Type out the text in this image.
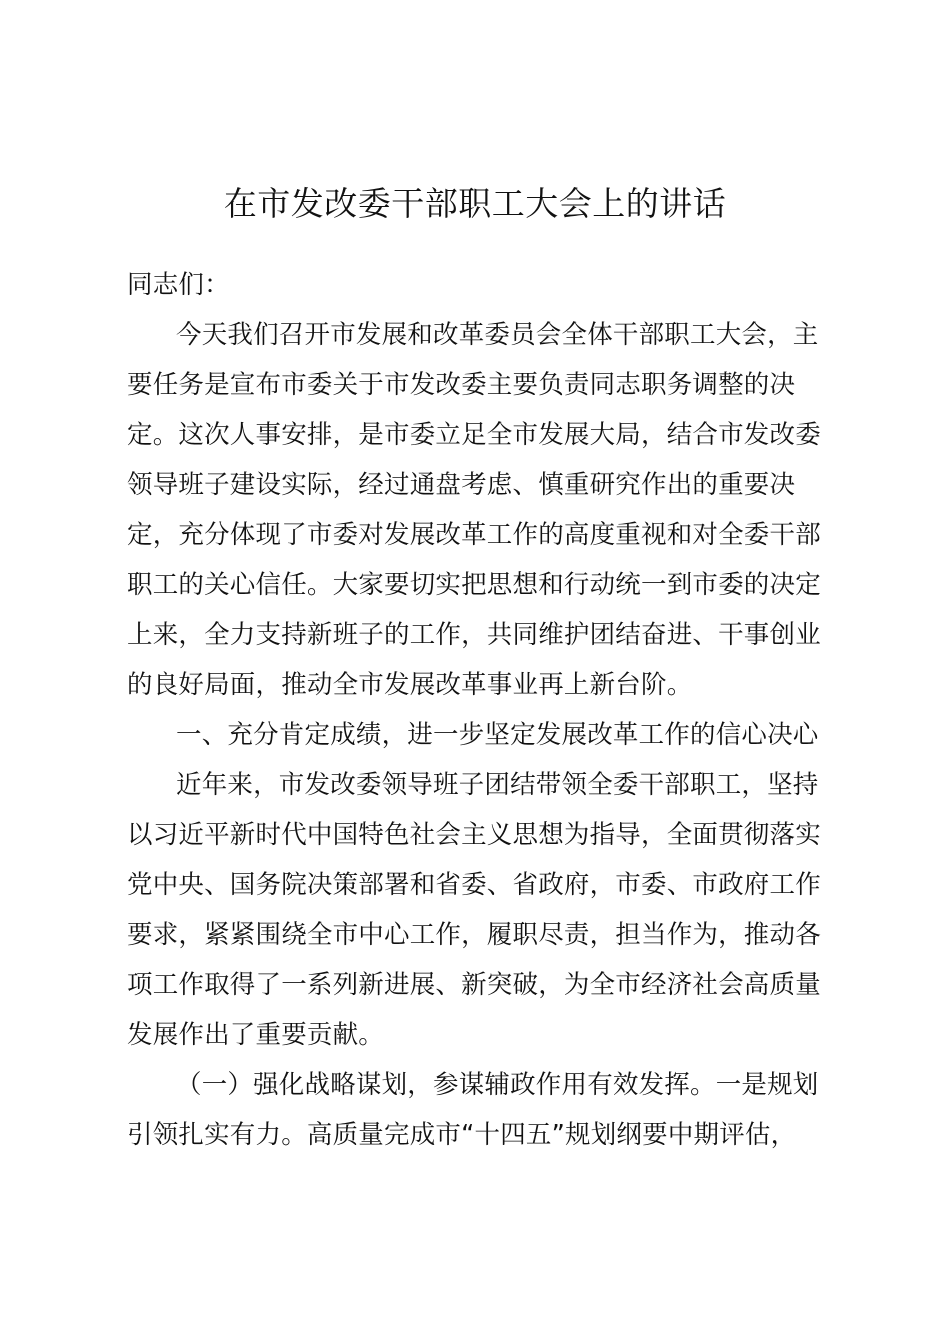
在市发改委干部职工大会上的讲话
同志们：
今天我们召开市发展和改革委员会全体干部职工大会，主
要任务是宣布市委关于市发改委主要负责同志职务调整的决
定。这次人事安排，是市委立足全市发展大局，结合市发改委
领导班子建设实际，经过通盘考虑、慎重研究作出的重要决
定，充分体现了市委对发展改革工作的高度重视和对全委干部
职工的关心信任。大家要切实把思想和行动统一到市委的决定
上来，全力支持新班子的工作，共同维护团结奋进、干事创业
的良好局面，推动全市发展改革事业再上新台阶。
一、充分肯定成绩，进一步坚定发展改革工作的信心决心
近年来，市发改委领导班子团结带领全委干部职工，坚持
以习近平新时代中国特色社会主义思想为指导，全面贯彻落实
党中央、国务院决策部署和省委、省政府，市委、市政府工作
要求，紧紧围绕全市中心工作，履职尽责，担当作为，推动各
项工作取得了一系列新进展、新突破，为全市经济社会高质量
发展作出了重要贡献。
（一）强化战略谋划，参谋辅政作用有效发挥。一是规划
引领扎实有力。高质量完成市“十四五”规划纲要中期评估，
